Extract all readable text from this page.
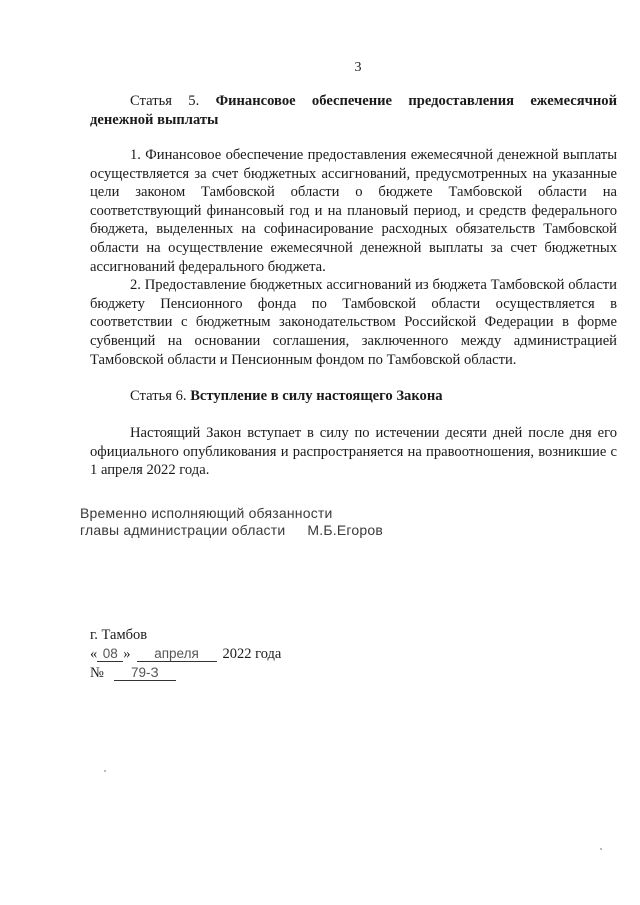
3

Статья 5. Финансовое обеспечение предоставления ежемесячной денежной выплаты

1. Финансовое обеспечение предоставления ежемесячной денежной выплаты осуществляется за счет бюджетных ассигнований, предусмотренных на указанные цели законом Тамбовской области о бюджете Тамбовской области на соответствующий финансовый год и на плановый период, и средств федерального бюджета, выделенных на софинасирование расходных обязательств Тамбовской области на осуществление ежемесячной денежной выплаты за счет бюджетных ассигнований федерального бюджета.

2. Предоставление бюджетных ассигнований из бюджета Тамбовской области бюджету Пенсионного фонда по Тамбовской области осуществляется в соответствии с бюджетным законодательством Российской Федерации в форме субвенций на основании соглашения, заключенного между администрацией Тамбовской области и Пенсионным фондом по Тамбовской области.

Статья 6. Вступление в силу настоящего Закона

Настоящий Закон вступает в силу по истечении десяти дней после дня его официального опубликования и распространяется на правоотношения, возникшие с 1 апреля 2022 года.

Временно исполняющий обязанности
главы администрации области М.Б.Егоров
г. Тамбов
« 08 »	апреля	2022 года
№	79-З
